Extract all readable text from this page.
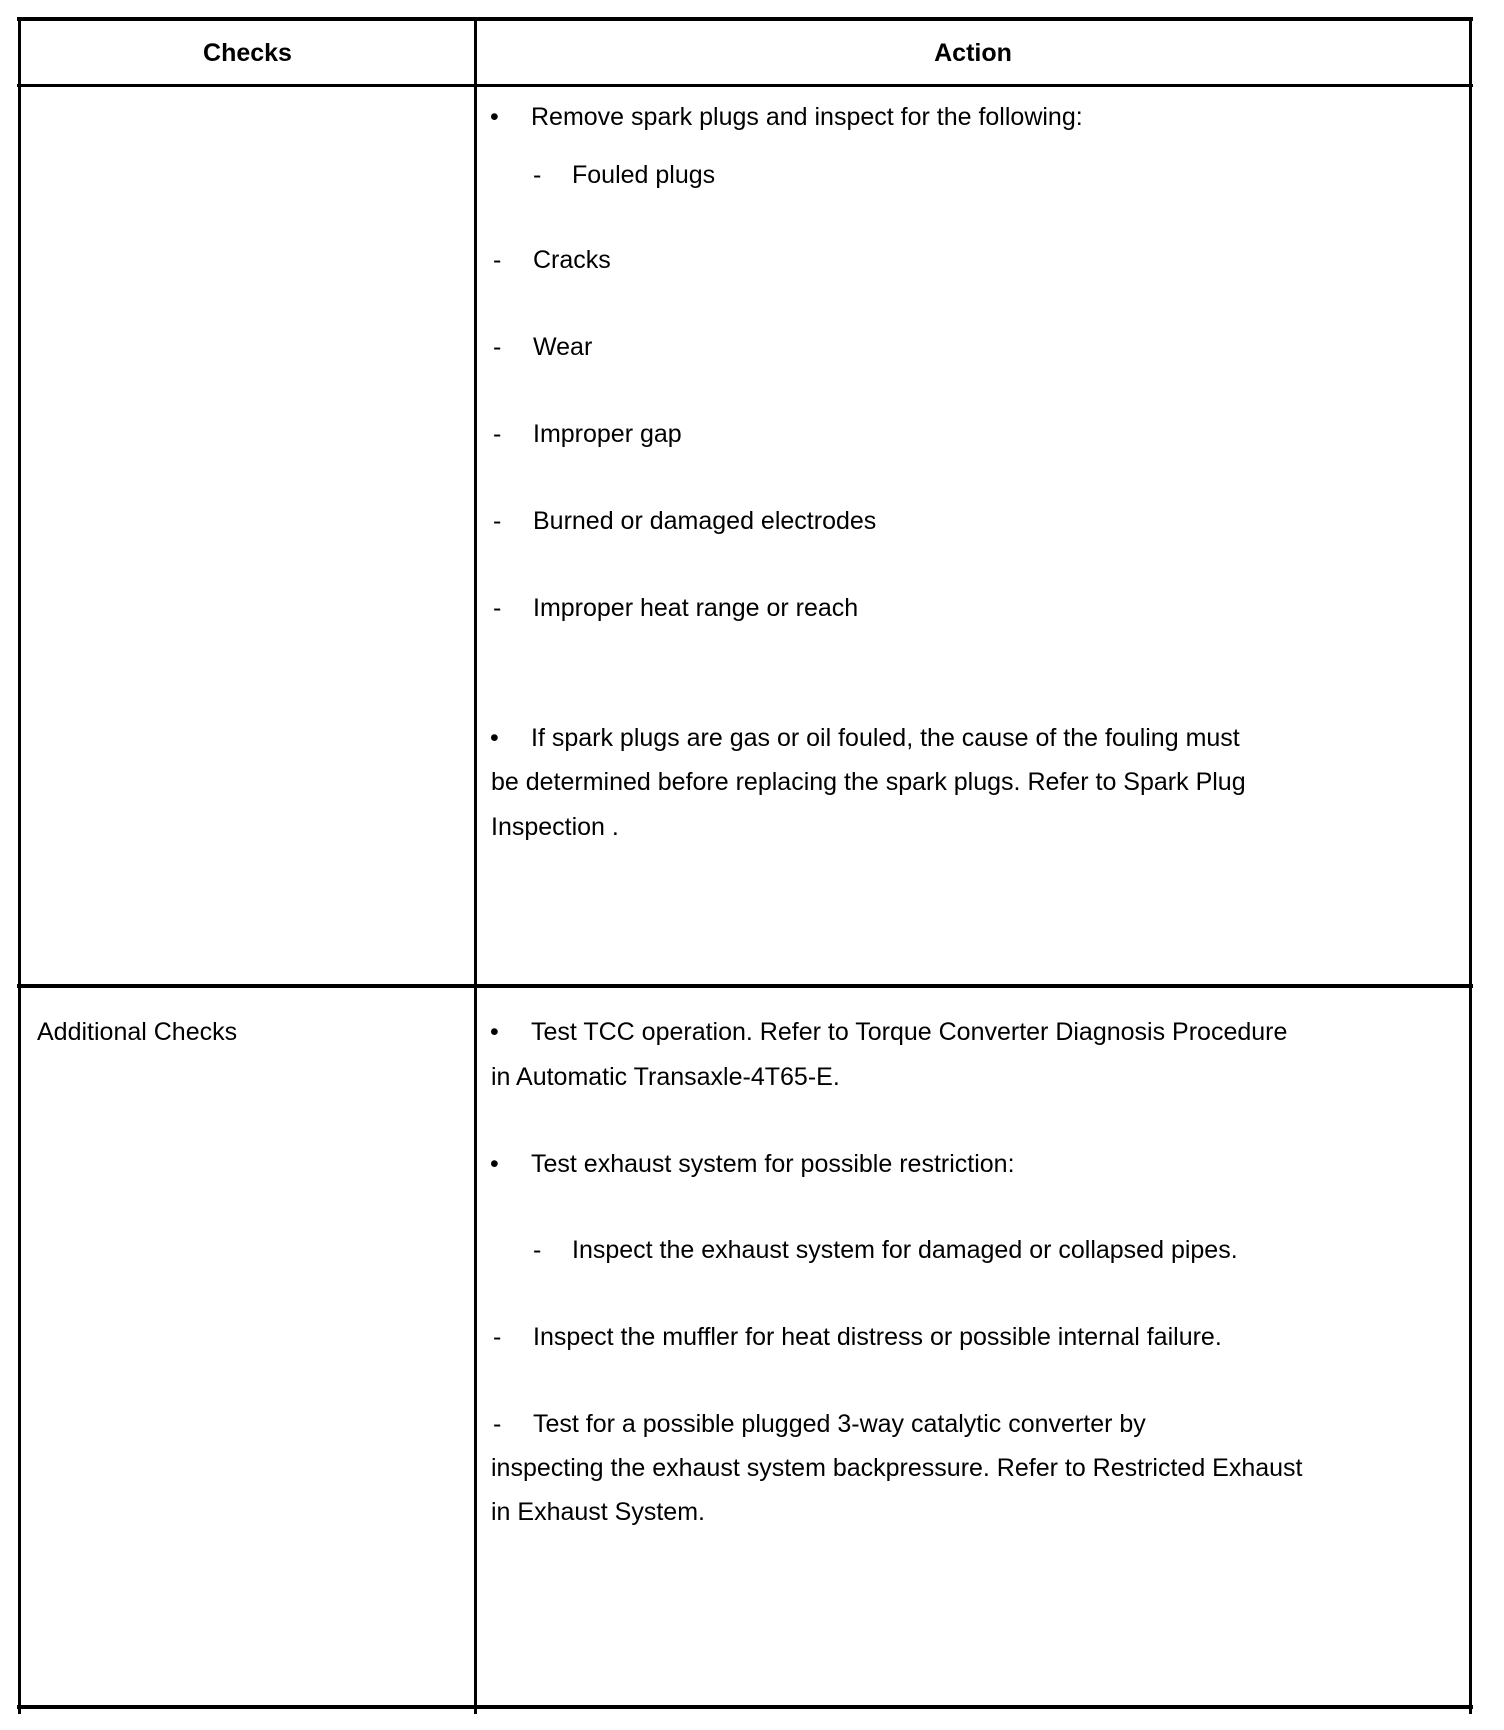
Checks	Action
• Remove spark plugs and inspect for the following:
- Fouled plugs
- Cracks
- Wear
- Improper gap
- Burned or damaged electrodes
- Improper heat range or reach
• If spark plugs are gas or oil fouled, the cause of the fouling must
be determined before replacing the spark plugs. Refer to Spark Plug
Inspection .
Additional Checks	• Test TCC operation. Refer to Torque Converter Diagnosis Procedure
in Automatic Transaxle-4T65-E.
• Test exhaust system for possible restriction:
- Inspect the exhaust system for damaged or collapsed pipes.
- Inspect the muffler for heat distress or possible internal failure.
- Test for a possible plugged 3-way catalytic converter by
inspecting the exhaust system backpressure. Refer to Restricted Exhaust
in Exhaust System.
